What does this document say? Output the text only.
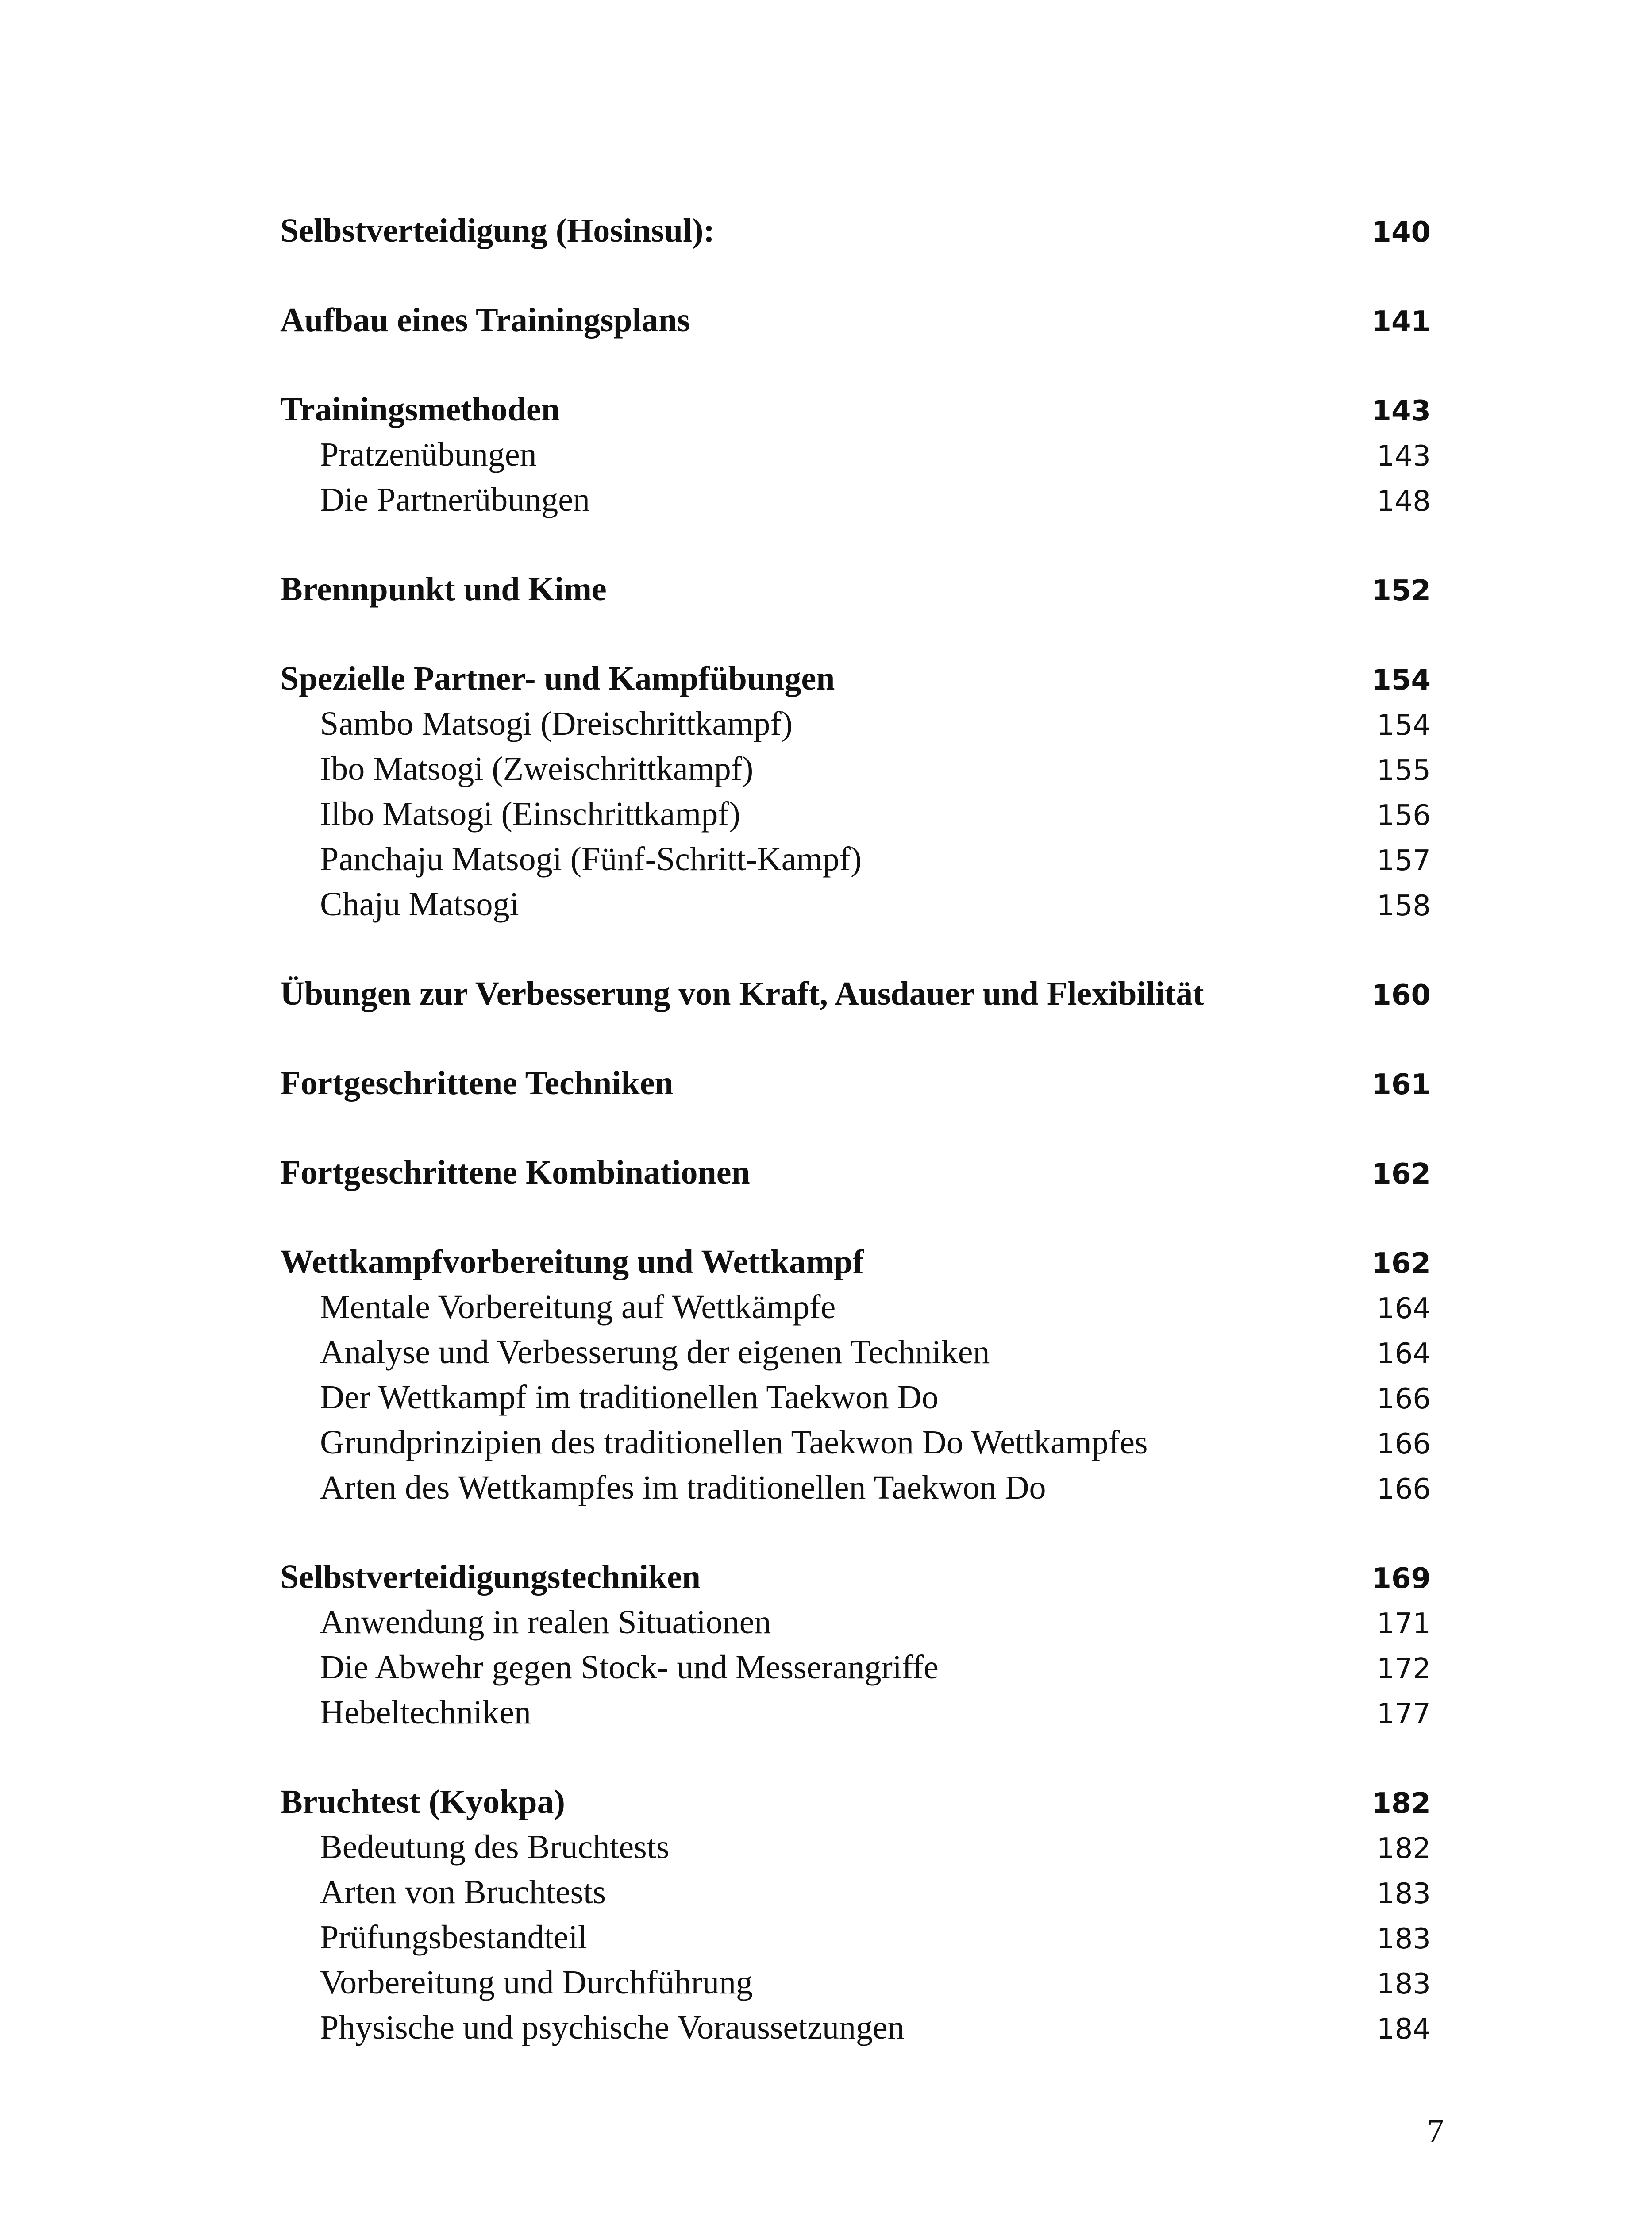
Selbstverteidigung (Hosinsul):	140
Aufbau eines Trainingsplans	141
Trainingsmethoden	143
Pratzenübungen	143
Die Partnerübungen	148
Brennpunkt und Kime	152
Spezielle Partner- und Kampfübungen	154
Sambo Matsogi (Dreischrittkampf)	154
Ibo Matsogi (Zweischrittkampf)	155
Ilbo Matsogi (Einschrittkampf)	156
Panchaju Matsogi (Fünf-Schritt-Kampf)	157
Chaju Matsogi	158
Übungen zur Verbesserung von Kraft, Ausdauer und Flexibilität	160
Fortgeschrittene Techniken	161
Fortgeschrittene Kombinationen	162
Wettkampfvorbereitung und Wettkampf	162
Mentale Vorbereitung auf Wettkämpfe	164
Analyse und Verbesserung der eigenen Techniken	164
Der Wettkampf im traditionellen Taekwon Do	166
Grundprinzipien des traditionellen Taekwon Do Wettkampfes	166
Arten des Wettkampfes im traditionellen Taekwon Do	166
Selbstverteidigungstechniken	169
Anwendung in realen Situationen	171
Die Abwehr gegen Stock- und Messerangriffe	172
Hebeltechniken	177
Bruchtest (Kyokpa)	182
Bedeutung des Bruchtests	182
Arten von Bruchtests	183
Prüfungsbestandteil	183
Vorbereitung und Durchführung	183
Physische und psychische Voraussetzungen	184
7
